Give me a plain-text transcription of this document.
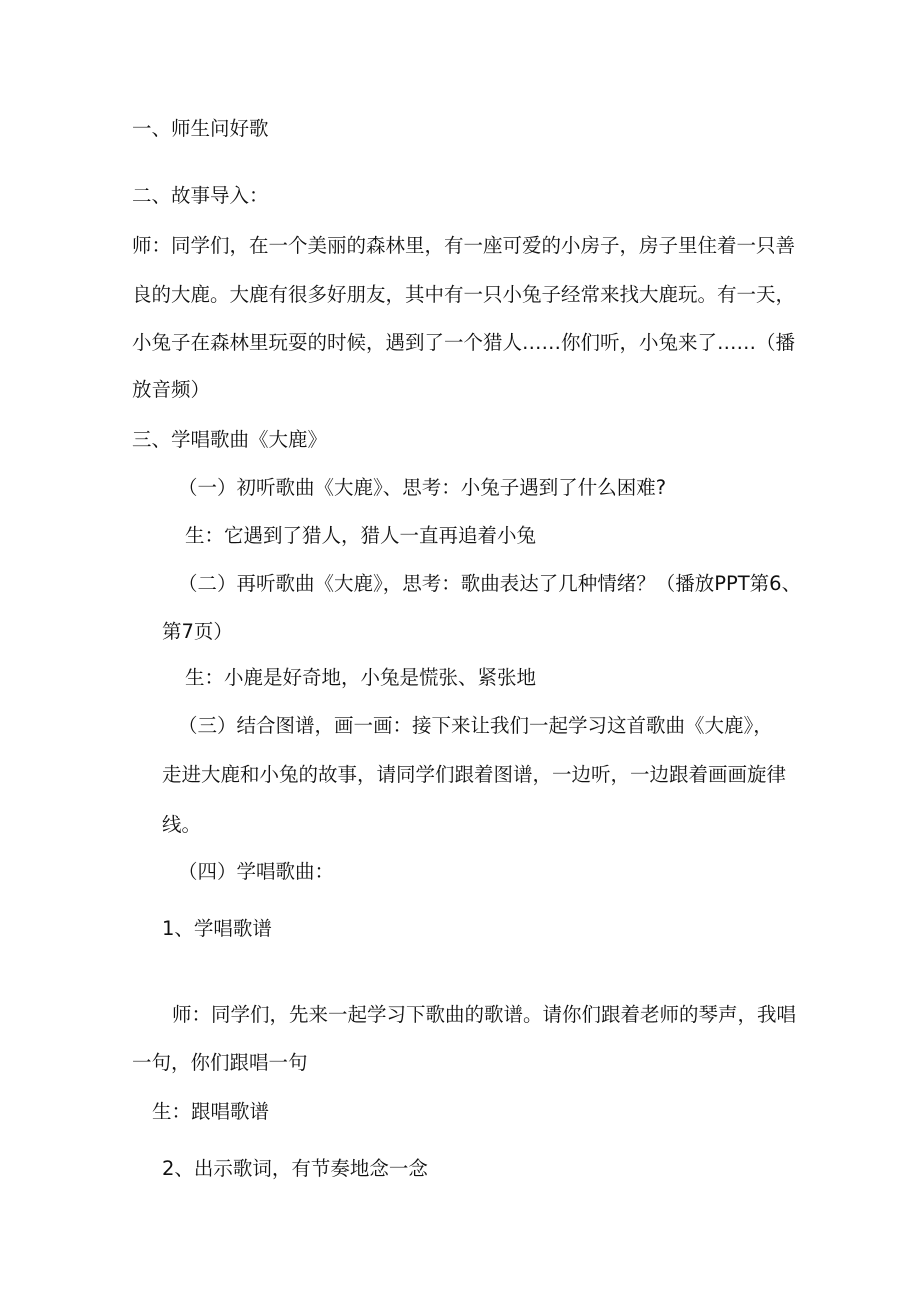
一、师生问好歌

二、故事导入：

师：同学们，在一个美丽的森林里，有一座可爱的小房子，房子里住着一只善

良的大鹿。大鹿有很多好朋友，其中有一只小兔子经常来找大鹿玩。有一天，

小兔子在森林里玩耍的时候，遇到了一个猎人……你们听，小兔来了……（播

放音频）

三、学唱歌曲《大鹿》

（一）初听歌曲《大鹿》、思考：小兔子遇到了什么困难?

生：它遇到了猎人，猎人一直再追着小兔

（二）再听歌曲《大鹿》，思考：歌曲表达了几种情绪？（播放PPT第6、

第7页）

生：小鹿是好奇地，小兔是慌张、紧张地

（三）结合图谱，画一画：接下来让我们一起学习这首歌曲《大鹿》，

走进大鹿和小兔的故事，请同学们跟着图谱，一边听，一边跟着画画旋律

线。

（四）学唱歌曲：

1、学唱歌谱

师：同学们，先来一起学习下歌曲的歌谱。请你们跟着老师的琴声，我唱

一句，你们跟唱一句

生：跟唱歌谱

2、出示歌词，有节奏地念一念
